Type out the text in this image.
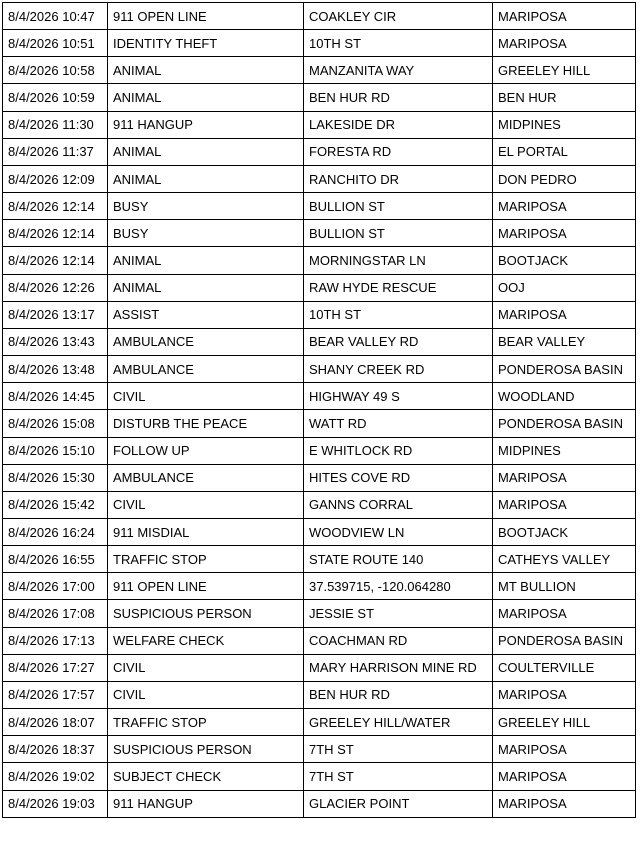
8/4/2026 10:47	911 OPEN LINE	COAKLEY CIR	MARIPOSA
8/4/2026 10:51	IDENTITY THEFT	10TH ST	MARIPOSA
8/4/2026 10:58	ANIMAL	MANZANITA WAY	GREELEY HILL
8/4/2026 10:59	ANIMAL	BEN HUR RD	BEN HUR
8/4/2026 11:30	911 HANGUP	LAKESIDE DR	MIDPINES
8/4/2026 11:37	ANIMAL	FORESTA RD	EL PORTAL
8/4/2026 12:09	ANIMAL	RANCHITO DR	DON PEDRO
8/4/2026 12:14	BUSY	BULLION ST	MARIPOSA
8/4/2026 12:14	BUSY	BULLION ST	MARIPOSA
8/4/2026 12:14	ANIMAL	MORNINGSTAR LN	BOOTJACK
8/4/2026 12:26	ANIMAL	RAW HYDE RESCUE	OOJ
8/4/2026 13:17	ASSIST	10TH ST	MARIPOSA
8/4/2026 13:43	AMBULANCE	BEAR VALLEY RD	BEAR VALLEY
8/4/2026 13:48	AMBULANCE	SHANY CREEK RD	PONDEROSA BASIN
8/4/2026 14:45	CIVIL	HIGHWAY 49 S	WOODLAND
8/4/2026 15:08	DISTURB THE PEACE	WATT RD	PONDEROSA BASIN
8/4/2026 15:10	FOLLOW UP	E WHITLOCK RD	MIDPINES
8/4/2026 15:30	AMBULANCE	HITES COVE RD	MARIPOSA
8/4/2026 15:42	CIVIL	GANNS CORRAL	MARIPOSA
8/4/2026 16:24	911 MISDIAL	WOODVIEW LN	BOOTJACK
8/4/2026 16:55	TRAFFIC STOP	STATE ROUTE 140	CATHEYS VALLEY
8/4/2026 17:00	911 OPEN LINE	37.539715, -120.064280	MT BULLION
8/4/2026 17:08	SUSPICIOUS PERSON	JESSIE ST	MARIPOSA
8/4/2026 17:13	WELFARE CHECK	COACHMAN RD	PONDEROSA BASIN
8/4/2026 17:27	CIVIL	MARY HARRISON MINE RD	COULTERVILLE
8/4/2026 17:57	CIVIL	BEN HUR RD	MARIPOSA
8/4/2026 18:07	TRAFFIC STOP	GREELEY HILL/WATER	GREELEY HILL
8/4/2026 18:37	SUSPICIOUS PERSON	7TH ST	MARIPOSA
8/4/2026 19:02	SUBJECT CHECK	7TH ST	MARIPOSA
8/4/2026 19:03	911 HANGUP	GLACIER POINT	MARIPOSA
